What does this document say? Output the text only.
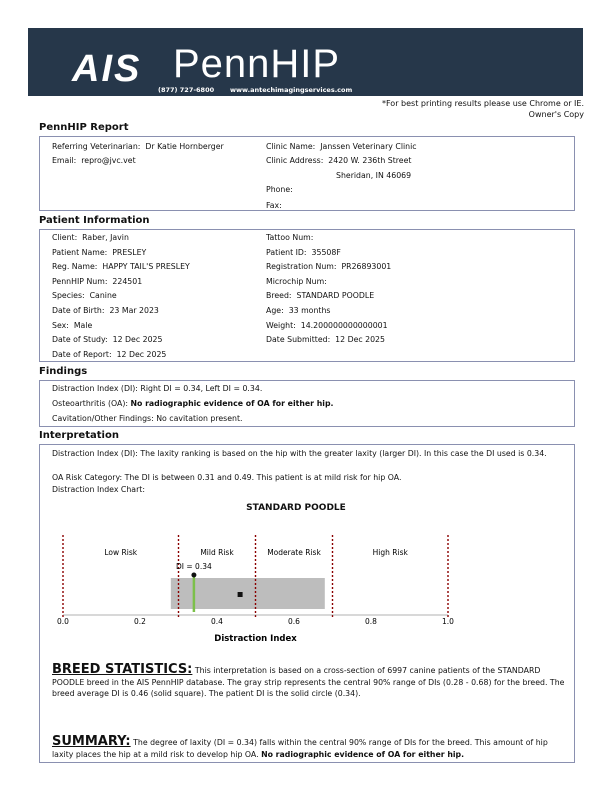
AIS PennHIP
(877) 727-6800 www.antechimagingservices.com
*For best printing results please use Chrome or IE.
Owner's Copy
PennHIP Report
Referring Veterinarian: Dr Katie Hornberger
Email: repro@jvc.vet
Clinic Name: Janssen Veterinary Clinic
Clinic Address: 2420 W. 236th Street
Sheridan, IN 46069
Phone:
Fax:
Patient Information
Client: Raber, Javin
Patient Name: PRESLEY
Reg. Name: HAPPY TAIL'S PRESLEY
PennHIP Num: 224501
Species: Canine
Date of Birth: 23 Mar 2023
Sex: Male
Date of Study: 12 Dec 2025
Date of Report: 12 Dec 2025
Tattoo Num:
Patient ID: 35508F
Registration Num: PR26893001
Microchip Num:
Breed: STANDARD POODLE
Age: 33 months
Weight: 14.200000000000001
Date Submitted: 12 Dec 2025
Findings
Distraction Index (DI): Right DI = 0.34, Left DI = 0.34.
Osteoarthritis (OA): No radiographic evidence of OA for either hip.
Cavitation/Other Findings: No cavitation present.
Interpretation
Distraction Index (DI): The laxity ranking is based on the hip with the greater laxity (larger DI). In this case the DI used is 0.34.
OA Risk Category: The DI is between 0.31 and 0.49. This patient is at mild risk for hip OA.
Distraction Index Chart:
STANDARD POODLE
Low Risk	Mild Risk	Moderate Risk	High Risk
DI = 0.34
0.0	0.2	0.4	0.6	0.8	1.0
Distraction Index
BREED STATISTICS: This interpretation is based on a cross-section of 6997 canine patients of the STANDARD POODLE breed in the AIS PennHIP database. The gray strip represents the central 90% range of DIs (0.28 - 0.68) for the breed. The breed average DI is 0.46 (solid square). The patient DI is the solid circle (0.34).
SUMMARY: The degree of laxity (DI = 0.34) falls within the central 90% range of DIs for the breed. This amount of hip laxity places the hip at a mild risk to develop hip OA. No radiographic evidence of OA for either hip.
